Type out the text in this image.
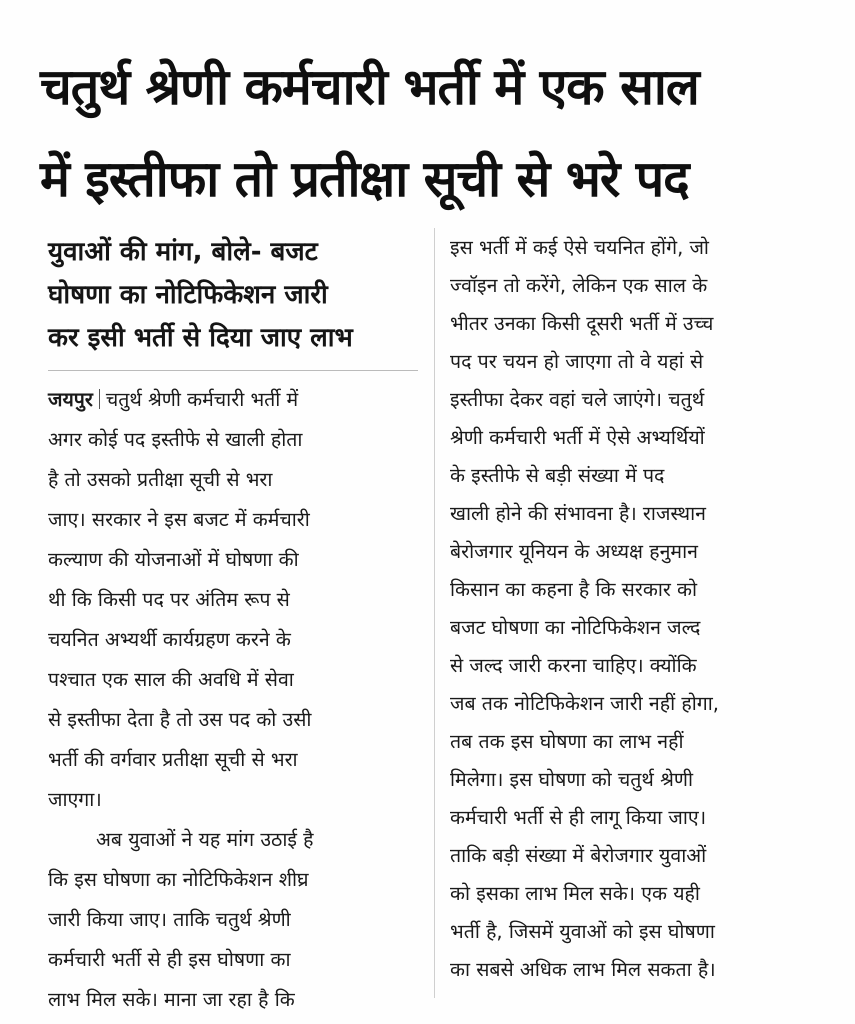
चतुर्थ श्रेणी कर्मचारी भर्ती में एक साल
में इस्तीफा तो प्रतीक्षा सूची से भरे पद
युवाओं की मांग, बोले- बजट
घोषणा का नोटिफिकेशन जारी
कर इसी भर्ती से दिया जाए लाभ
जयपुर चतुर्थ श्रेणी कर्मचारी भर्ती में
अगर कोई पद इस्तीफे से खाली होता
है तो उसको प्रतीक्षा सूची से भरा
जाए। सरकार ने इस बजट में कर्मचारी
कल्याण की योजनाओं में घोषणा की
थी कि किसी पद पर अंतिम रूप से
चयनित अभ्यर्थी कार्यग्रहण करने के
पश्चात एक साल की अवधि में सेवा
से इस्तीफा देता है तो उस पद को उसी
भर्ती की वर्गवार प्रतीक्षा सूची से भरा
जाएगा।
अब युवाओं ने यह मांग उठाई है
कि इस घोषणा का नोटिफिकेशन शीघ्र
जारी किया जाए। ताकि चतुर्थ श्रेणी
कर्मचारी भर्ती से ही इस घोषणा का
लाभ मिल सके। माना जा रहा है कि
इस भर्ती में कई ऐसे चयनित होंगे, जो
ज्वॉइन तो करेंगे, लेकिन एक साल के
भीतर उनका किसी दूसरी भर्ती में उच्च
पद पर चयन हो जाएगा तो वे यहां से
इस्तीफा देकर वहां चले जाएंगे। चतुर्थ
श्रेणी कर्मचारी भर्ती में ऐसे अभ्यर्थियों
के इस्तीफे से बड़ी संख्या में पद
खाली होने की संभावना है। राजस्थान
बेरोजगार यूनियन के अध्यक्ष हनुमान
किसान का कहना है कि सरकार को
बजट घोषणा का नोटिफिकेशन जल्द
से जल्द जारी करना चाहिए। क्योंकि
जब तक नोटिफिकेशन जारी नहीं होगा,
तब तक इस घोषणा का लाभ नहीं
मिलेगा। इस घोषणा को चतुर्थ श्रेणी
कर्मचारी भर्ती से ही लागू किया जाए।
ताकि बड़ी संख्या में बेरोजगार युवाओं
को इसका लाभ मिल सके। एक यही
भर्ती है, जिसमें युवाओं को इस घोषणा
का सबसे अधिक लाभ मिल सकता है।
